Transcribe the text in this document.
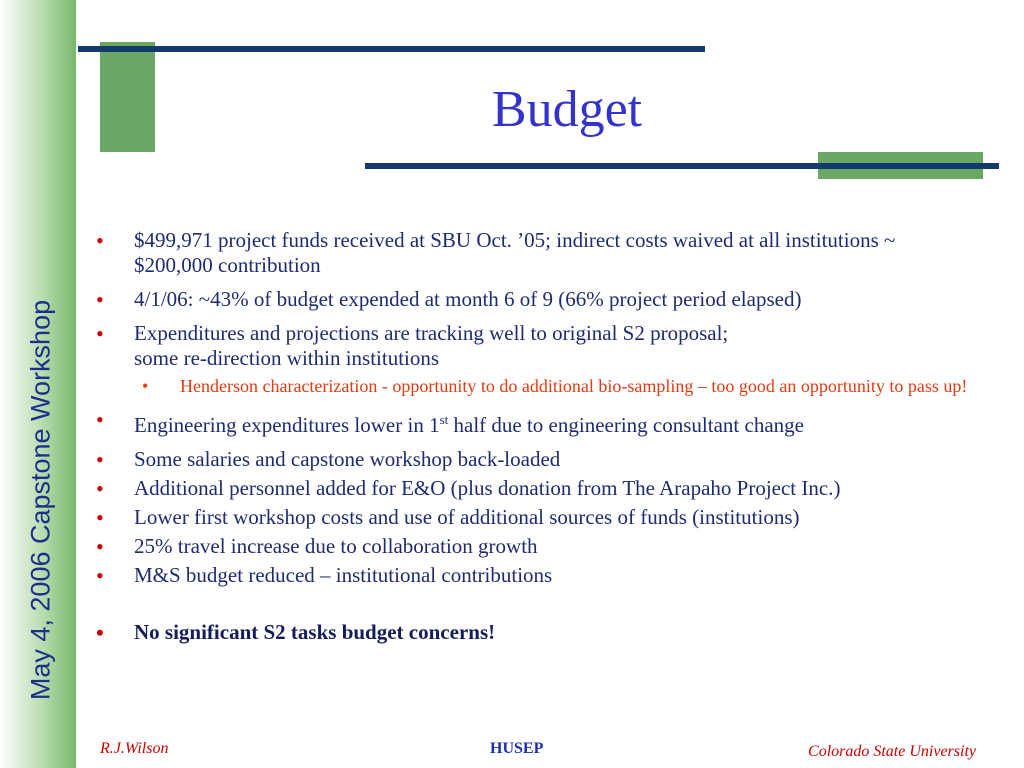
May 4, 2006 Capstone Workshop
Budget
• $499,971 project funds received at SBU Oct. ’05; indirect costs waived at all institutions ~ $200,000 contribution
• 4/1/06: ~43% of budget expended at month 6 of 9 (66% project period elapsed)
• Expenditures and projections are tracking well to original S2 proposal;
some re-direction within institutions
• Henderson characterization - opportunity to do additional bio-sampling – too good an opportunity to pass up!
• Engineering expenditures lower in 1st half due to engineering consultant change
• Some salaries and capstone workshop back-loaded
• Additional personnel added for E&O (plus donation from The Arapaho Project Inc.)
• Lower first workshop costs and use of additional sources of funds (institutions)
• 25% travel increase due to collaboration growth
• M&S budget reduced – institutional contributions
• No significant S2 tasks budget concerns!
R.J.Wilson	HUSEP	Colorado State University
